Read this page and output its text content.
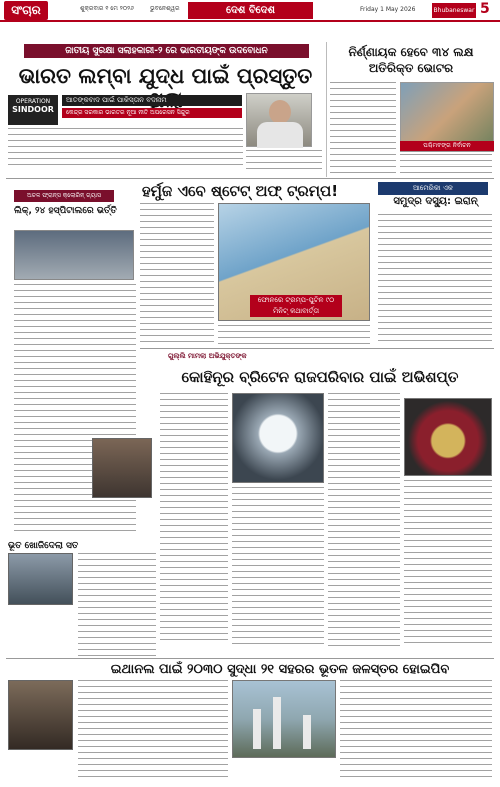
ସଂଚାର	ଶୁକ୍ରବାର ୧ ମେ ୨୦୨୬	ଭୁବନେଶ୍ୱର	ଦେଶ ବିଦେଶ	Friday 1 May 2026	Bhubaneswar 5
ଜାତୀୟ ସୁରକ୍ଷା ସଲାହକାରୀ-୨ ରେ ଭାରତୀୟଙ୍କ ଉଦବୋଧନ
ଭାରତ ଲମ୍ବା ଯୁଦ୍ଧ ପାଇଁ ପ୍ରସ୍ତୁତ
OPERATION
SINDOOR
ଆତଙ୍କବାଦ ପାଇଁ ପାକିସ୍ତାନ ବଦନାମ
କେନ୍ଦ୍ର ସରକାର ଭାରତର ନୂଆ ନୀତି ଅପରେସନ ସିନ୍ଦୁର
ନିର୍ଣ୍ଣାୟକ ହେବେ ୩୪ ଲକ୍ଷ ଅତିରିକ୍ତ ଭୋଟର
ପଶ୍ଚିମବଙ୍ଗ ନିର୍ବାଚନ
ହର୍ମୁଜ ଏବେ ଷ୍ଟେଟ୍ ଅଫ୍ ଟ୍ରମ୍ପ!
ଫୋନରେ ଟ୍ରମ୍ପ-ପୁଟିନ ୯୦ ମିନିଟ୍ କଥାବାର୍ତ୍ତା
ଅଚଳ ଫ୍ରାନ୍ସ କ୍ଲୋରିନ୍ ଗ୍ୟାସ
ଲିକ୍, ୨୪ ହସ୍ପିଟାଲରେ ଭର୍ତ୍ତି
ଆମେରିକା ଏକ
ସମୁଦ୍ର ଦସ୍ୟୁ: ଇରାନ୍
ଗୁଲ୍ଲି ମାମଲା ଅଭିଯୁକ୍ତଙ୍କ
କୋହିନୂର ବ୍ରିଟେନ ରାଜପରିବାର ପାଇଁ ଅଭିଶପ୍ତ
ଭୂତ ଖୋଜିଦେଲା ସତ
ଇଥାନଲ ପାଇଁ ୨୦୩୦ ସୁଦ୍ଧା ୨୧ ସହରର ଭୂତଳ ଜଳସ୍ତର ହୋଇପିବ
